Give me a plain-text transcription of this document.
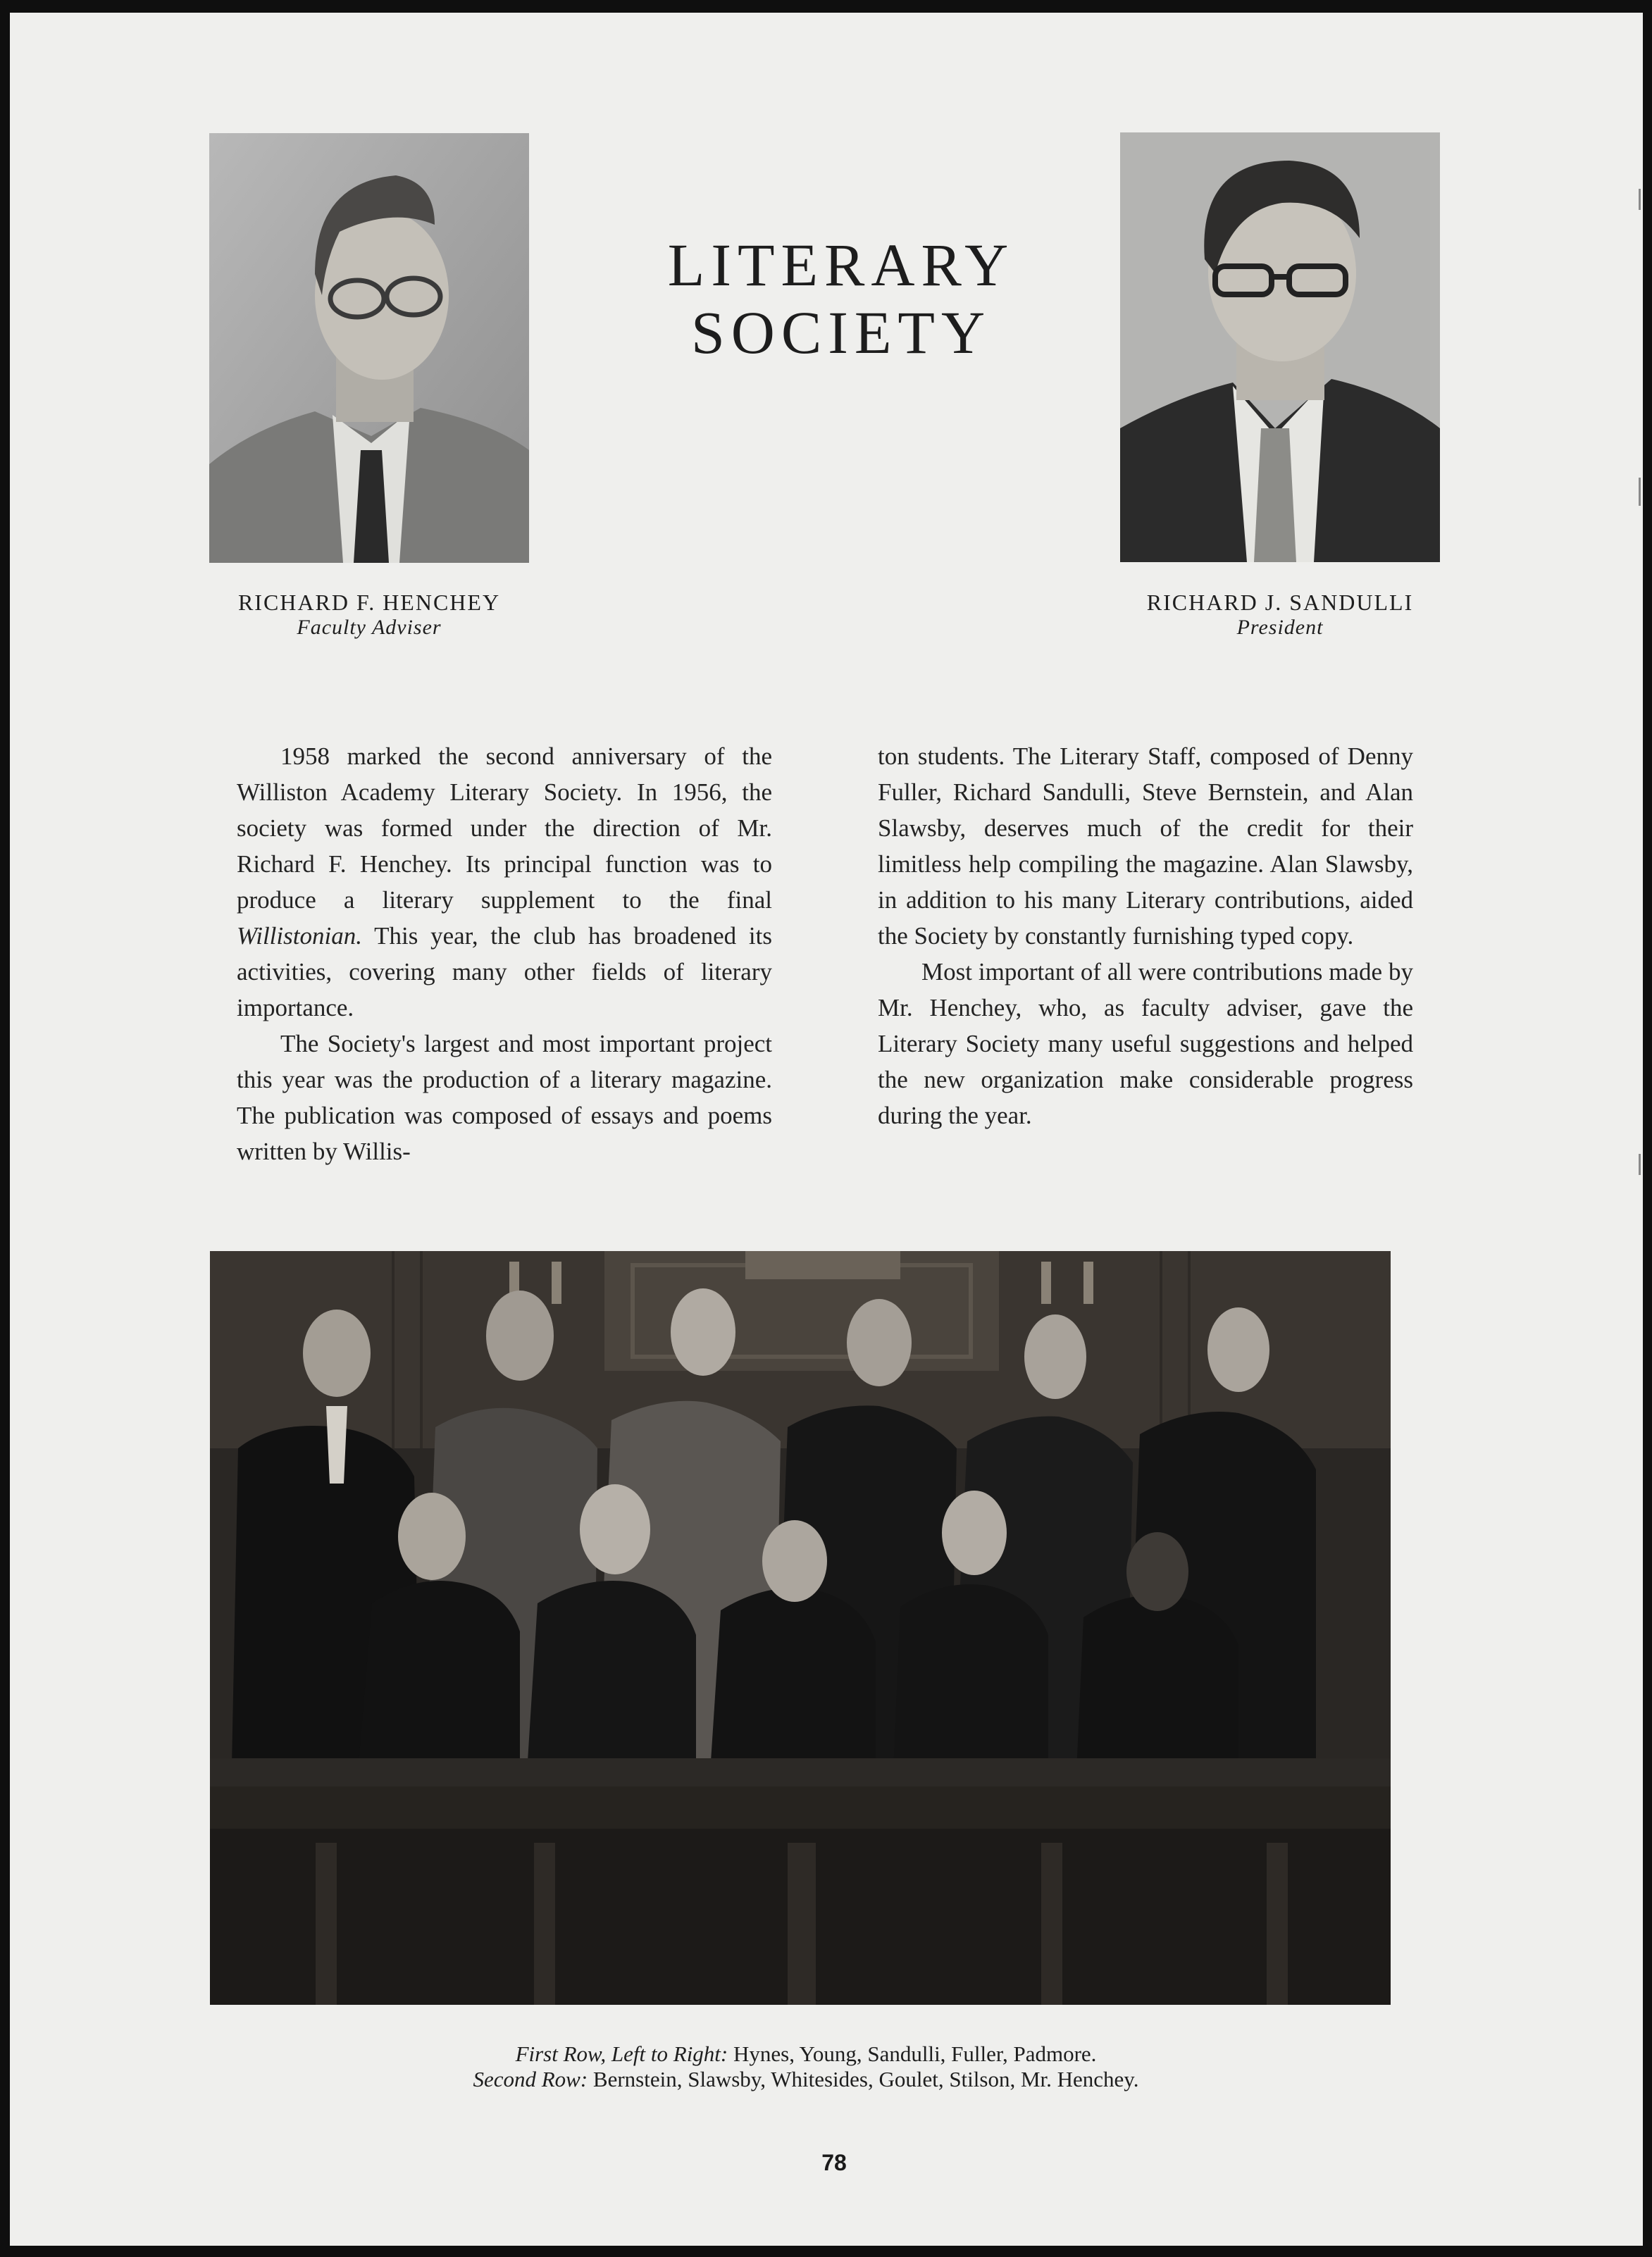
LITERARY
SOCIETY
RICHARD F. HENCHEY
Faculty Adviser
RICHARD J. SANDULLI
President

1958 marked the second anniversary of the Williston Academy Literary Society. In 1956, the society was formed under the direction of Mr. Richard F. Henchey. Its principal function was to produce a literary supplement to the final Willistonian. This year, the club has broadened its activities, covering many other fields of literary importance.

The Society's largest and most important project this year was the production of a literary magazine. The publication was composed of essays and poems written by Willis-

ton students. The Literary Staff, composed of Denny Fuller, Richard Sandulli, Steve Bernstein, and Alan Slawsby, deserves much of the credit for their limitless help compiling the magazine. Alan Slawsby, in addition to his many Literary contributions, aided the Society by constantly furnishing typed copy.

Most important of all were contributions made by Mr. Henchey, who, as faculty adviser, gave the Literary Society many useful suggestions and helped the new organization make considerable progress during the year.

First Row, Left to Right: Hynes, Young, Sandulli, Fuller, Padmore.
Second Row: Bernstein, Slawsby, Whitesides, Goulet, Stilson, Mr. Henchey.
78
